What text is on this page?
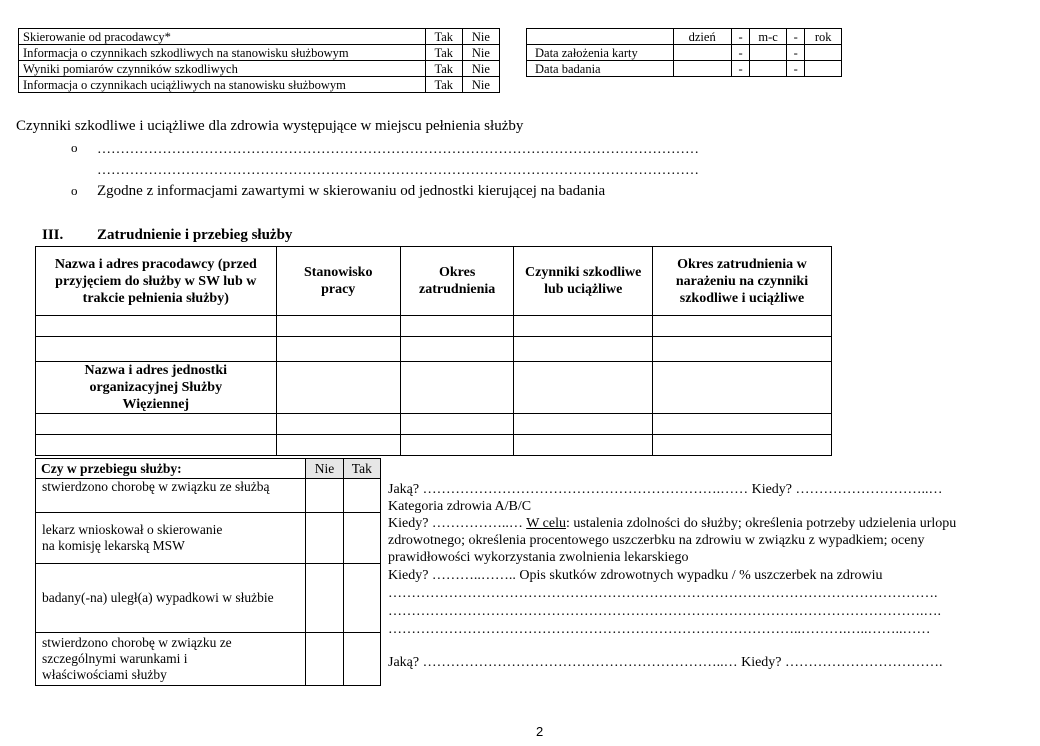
Skierowanie od pracodawcy*	Tak	Nie
Informacja o czynnikach szkodliwych na stanowisku służbowym	Tak	Nie
Wyniki pomiarów czynników szkodliwych	Tak	Nie
Informacja o czynnikach uciążliwych na stanowisku służbowym	Tak	Nie
	dzień	-	m-c	-	rok
Data założenia karty		-		-	
Data badania		-		-	
Czynniki szkodliwe i uciążliwe dla zdrowia występujące w miejscu pełnienia służby
o …………………………………………………………………………………………………………………
…………………………………………………………………………………………………………………
o Zgodne z informacjami zawartymi w skierowaniu od jednostki kierującej na badania
III. Zatrudnienie i przebieg służby
Nazwa i adres pracodawcy (przed przyjęciem do służby w SW lub w trakcie pełnienia służby)	Stanowisko pracy	Okres zatrudnienia	Czynniki szkodliwe lub uciążliwe	Okres zatrudnienia w narażeniu na czynniki szkodliwe i uciążliwe

Nazwa i adres jednostki organizacyjnej Służby Więziennej				

Czy w przebiegu służby:	Nie	Tak
stwierdzono chorobę w związku ze służbą		
lekarz wnioskował o skierowanie na komisję lekarską MSW		
badany(-na) uległ(a) wypadkowi w służbie		
stwierdzono chorobę w związku ze szczególnymi warunkami i właściwościami służby		
Jaką? ……………………………………………………….…… Kiedy? ………………………..…
Kategoria zdrowia A/B/C
Kiedy? ……………..… W celu: ustalenia zdolności do służby; określenia potrzeby udzielenia urlopu
zdrowotnego; określenia procentowego uszczerbku na zdrowiu w związku z wypadkiem; oceny
prawidłowości wykorzystania zwolnienia lekarskiego
Kiedy? ………..…….. Opis skutków zdrowotnych wypadku / % uszczerbek na zdrowiu
……………………………………………………………………………………………………….
…………………………………………………………………………………………………….….
……………………………………………………………………………..……….…..……..……
Jaką? ………………………………………………………..… Kiedy? …………………………….
2
